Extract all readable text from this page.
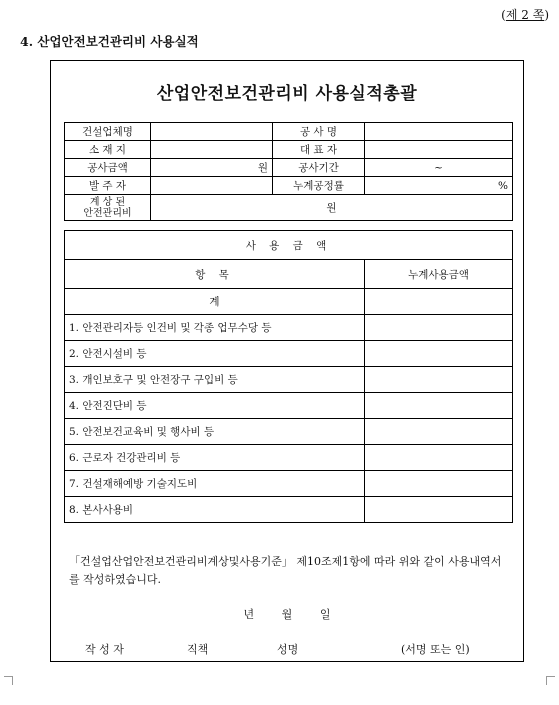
(제 2 쪽)
4. 산업안전보건관리비 사용실적
산업안전보건관리비 사용실적총괄
건설업체명		공 사 명	
소 재 지		대 표 자	
공사금액	원	공사기간	~
발 주 자		누계공정률	%
계 상 된
안전관리비	원		
사 용 금 액	
항 목	누계사용금액
계	
1. 안전관리자등 인건비 및 각종 업무수당 등	
2. 안전시설비 등	
3. 개인보호구 및 안전장구 구입비 등	
4. 안전진단비 등	
5. 안전보건교육비 및 행사비 등	
6. 근로자 건강관리비 등	
7. 건설재해예방 기술지도비	
8. 본사사용비	
「건설업산업안전보건관리비계상및사용기준」 제10조제1항에 따라 위와 같이 사용내역서를 작성하였습니다.
년	월	일
작 성 자	직책	성명	(서명 또는 인)
